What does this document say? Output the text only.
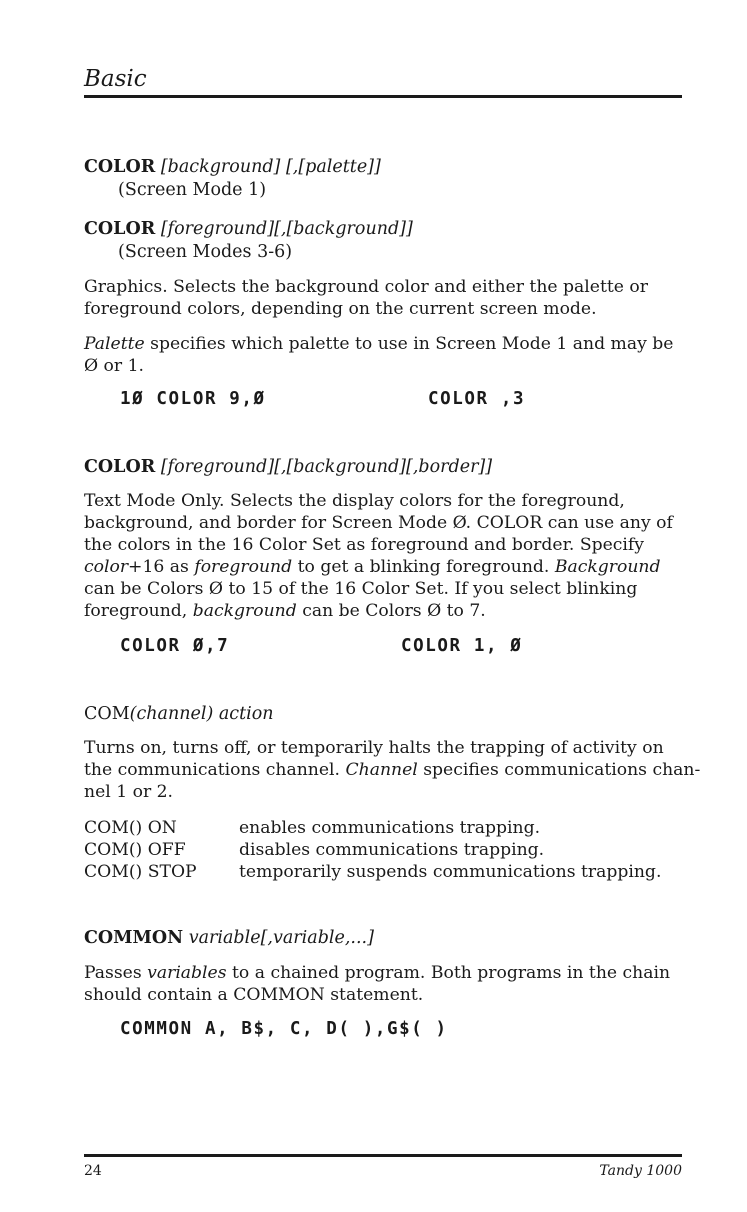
Basic
COLOR [background] [,[palette]]
(Screen Mode 1)
COLOR [foreground][,[background]]
(Screen Modes 3-6)
Graphics. Selects the background color and either the palette or
foreground colors, depending on the current screen mode.
Palette specifies which palette to use in Screen Mode 1 and may be
Ø or 1.
1Ø COLOR 9,Ø	COLOR ,3
COLOR [foreground][,[background][,border]]
Text Mode Only. Selects the display colors for the foreground,
background, and border for Screen Mode Ø. COLOR can use any of
the colors in the 16 Color Set as foreground and border. Specify
color+16 as foreground to get a blinking foreground. Background
can be Colors Ø to 15 of the 16 Color Set. If you select blinking
foreground, background can be Colors Ø to 7.
COLOR Ø,7	COLOR 1, Ø
COM(channel) action
Turns on, turns off, or temporarily halts the trapping of activity on
the communications channel. Channel specifies communications chan-
nel 1 or 2.
COM() ON	enables communications trapping.
COM() OFF	disables communications trapping.
COM() STOP temporarily suspends communications trapping.
COMMON variable[,variable,...]
Passes variables to a chained program. Both programs in the chain
should contain a COMMON statement.
COMMON A, B$, C, D( ),G$( )
24	Tandy 1000
